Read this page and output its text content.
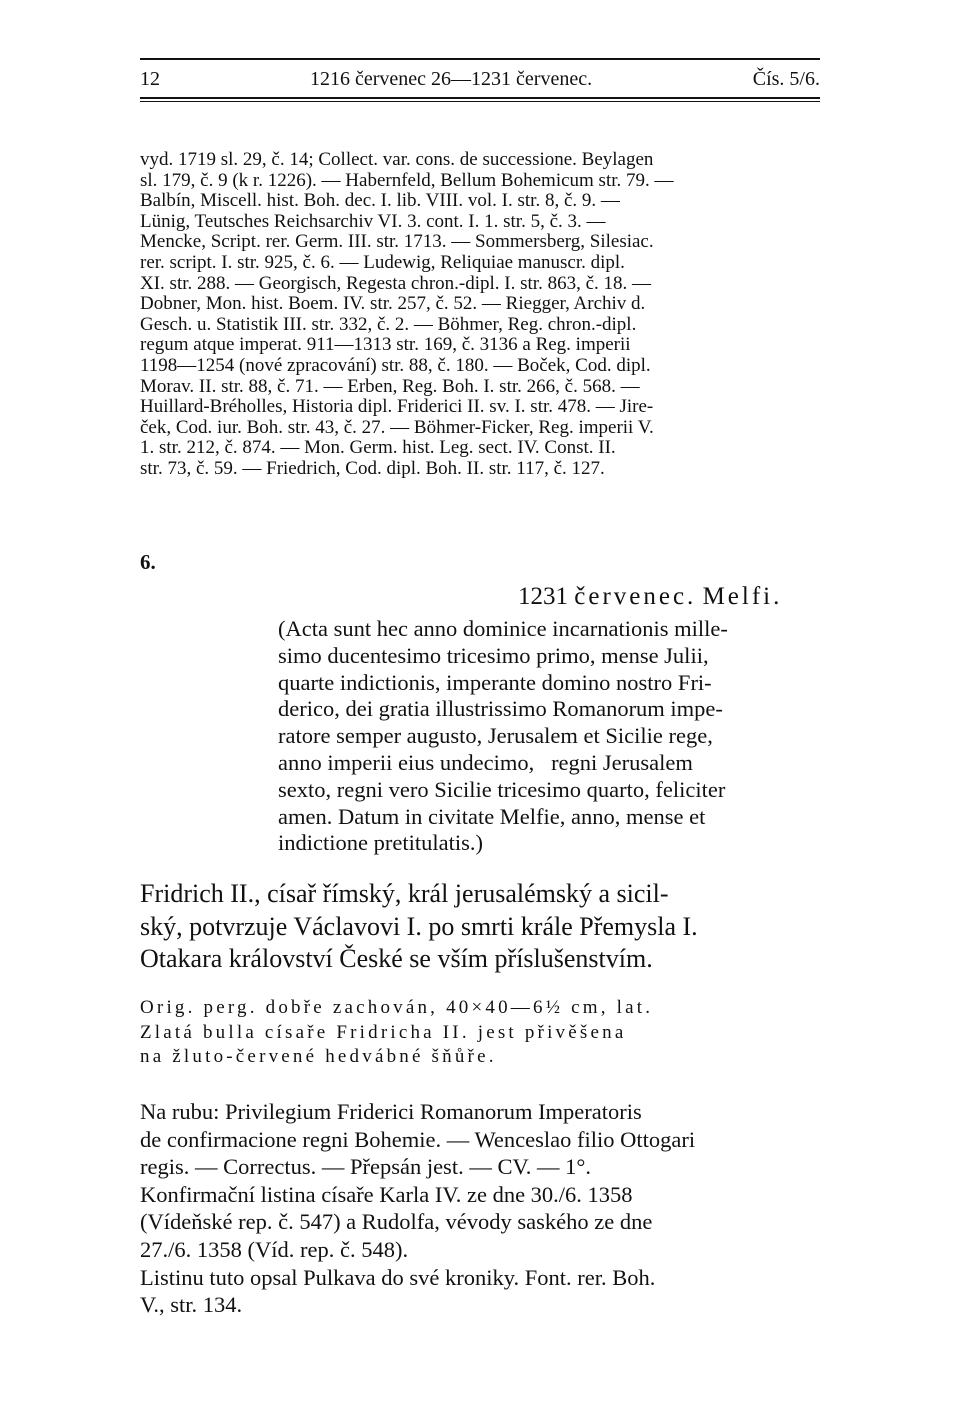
12	1216 červenec 26—1231 červenec.	Čís. 5/6.
vyd. 1719 sl. 29, č. 14; Collect. var. cons. de successione. Beylagen
sl. 179, č. 9 (k r. 1226). — Habernfeld, Bellum Bohemicum str. 79. —
Balbín, Miscell. hist. Boh. dec. I. lib. VIII. vol. I. str. 8, č. 9. —
Lünig, Teutsches Reichsarchiv VI. 3. cont. I. 1. str. 5, č. 3. —
Mencke, Script. rer. Germ. III. str. 1713. — Sommersberg, Silesiac.
rer. script. I. str. 925, č. 6. — Ludewig, Reliquiae manuscr. dipl.
XI. str. 288. — Georgisch, Regesta chron.-dipl. I. str. 863, č. 18. —
Dobner, Mon. hist. Boem. IV. str. 257, č. 52. — Riegger, Archiv d.
Gesch. u. Statistik III. str. 332, č. 2. — Böhmer, Reg. chron.-dipl.
regum atque imperat. 911—1313 str. 169, č. 3136 a Reg. imperii
1198—1254 (nové zpracování) str. 88, č. 180. — Boček, Cod. dipl.
Morav. II. str. 88, č. 71. — Erben, Reg. Boh. I. str. 266, č. 568. —
Huillard-Bréholles, Historia dipl. Friderici II. sv. I. str. 478. — Jire-
ček, Cod. iur. Boh. str. 43, č. 27. — Böhmer-Ficker, Reg. imperii V.
1. str. 212, č. 874. — Mon. Germ. hist. Leg. sect. IV. Const. II.
str. 73, č. 59. — Friedrich, Cod. dipl. Boh. II. str. 117, č. 127.
6.
1231 červenec. Melfi.
(Acta sunt hec anno dominice incarnationis mille-
simo ducentesimo tricesimo primo, mense Julii,
quarte indictionis, imperante domino nostro Fri-
derico, dei gratia illustrissimo Romanorum impe-
ratore semper augusto, Jerusalem et Sicilie rege,
anno imperii eius undecimo,   regni Jerusalem
sexto, regni vero Sicilie tricesimo quarto, feliciter
amen. Datum in civitate Melfie, anno, mense et
indictione pretitulatis.)
Fridrich II., císař římský, král jerusalémský a sicil-
ský, potvrzuje Václavovi I. po smrti krále Přemysla I.
Otakara království České se vším příslušenstvím.
Orig. perg. dobře zachován, 40×40—6½ cm, lat.
Zlatá bulla císaře Fridricha II. jest přivěšena
na žluto-červené hedvábné šňůře.
Na rubu: Privilegium Friderici Romanorum Imperatoris
de confirmacione regni Bohemie. — Wenceslao filio Ottogari
regis. — Correctus. — Přepsán jest. — CV. — 1°.
Konfirmační listina císaře Karla IV. ze dne 30./6. 1358
(Vídeňské rep. č. 547) a Rudolfa, vévody saského ze dne
27./6. 1358 (Víd. rep. č. 548).
Listinu tuto opsal Pulkava do své kroniky. Font. rer. Boh.
V., str. 134.
